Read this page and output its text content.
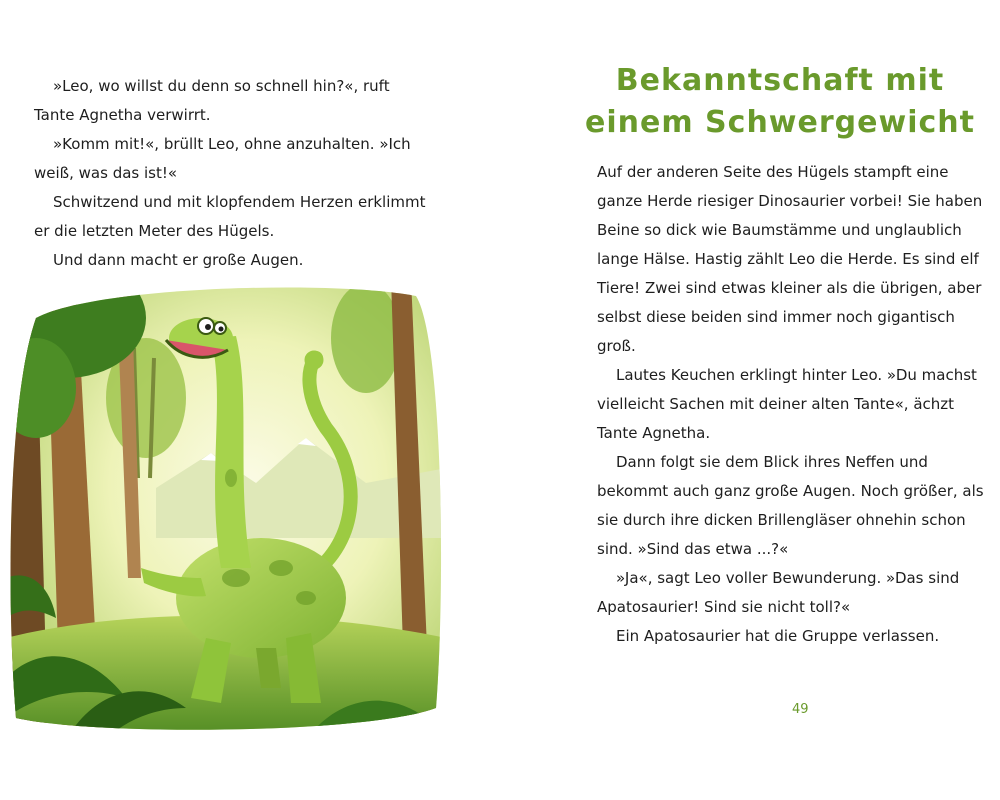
»Leo, wo willst du denn so schnell hin?«, ruft

Tante Agnetha verwirrt.

»Komm mit!«, brüllt Leo, ohne anzuhalten. »Ich

weiß, was das ist!«

Schwitzend und mit klopfendem Herzen erklimmt

er die letzten Meter des Hügels.

Und dann macht er große Augen.

Bekanntschaft mit
einem Schwergewicht

Auf der anderen Seite des Hügels stampft eine

ganze Herde riesiger Dinosaurier vorbei! Sie haben

Beine so dick wie Baumstämme und unglaublich

lange Hälse. Hastig zählt Leo die Herde. Es sind elf

Tiere! Zwei sind etwas kleiner als die übrigen, aber

selbst diese beiden sind immer noch gigantisch

groß.

Lautes Keuchen erklingt hinter Leo. »Du machst

vielleicht Sachen mit deiner alten Tante«, ächzt

Tante Agnetha.

Dann folgt sie dem Blick ihres Neffen und

bekommt auch ganz große Augen. Noch größer, als

sie durch ihre dicken Brillengläser ohnehin schon

sind. »Sind das etwa ...?«

»Ja«, sagt Leo voller Bewunderung. »Das sind

Apatosaurier! Sind sie nicht toll?«

Ein Apatosaurier hat die Gruppe verlassen.

49
